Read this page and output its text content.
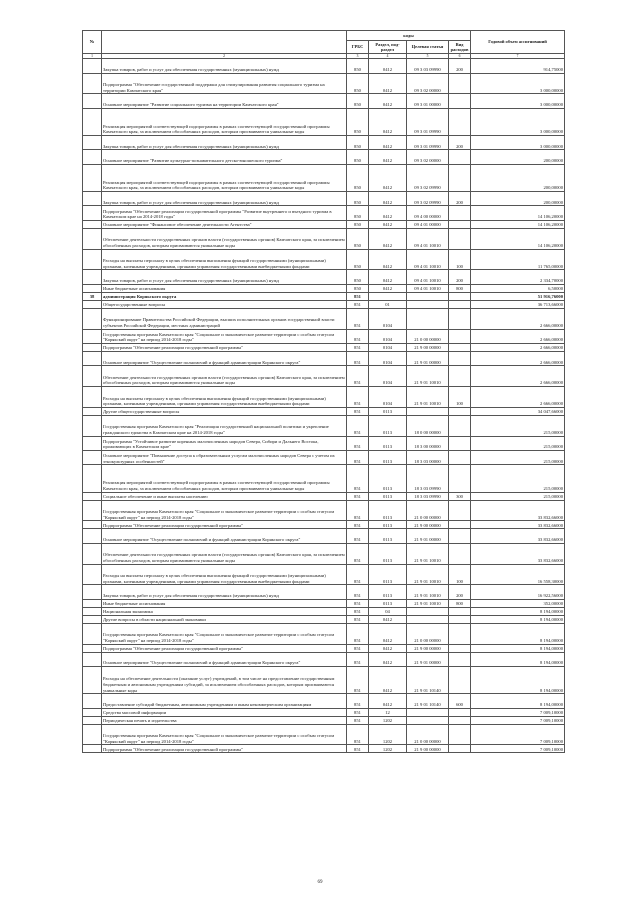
№		коды				Годовой объем ассигнований
		ГРБС	Раздел, под-раздел	Целевая статья	Вид расходов	
1	2	3	4	5	6	7
	Закупка товаров, работ и услуг для обеспечения государственных (муниципальных) нужд	850	0412	09 3 03 09990	200	914,75000
	Подпрограмма "Обеспечение государственной поддержки для стимулирования развития социального туризма на территории Камчатского края"	850	0412	09 3 02 00000		3 000,00000
	Основное мероприятие "Развитие социального туризма на территории Камчатского края"	850	0412	09 3 01 00000		3 000,00000
	Реализация мероприятий соответствующей подпрограммы в рамках соответствующей государственной программы Камчатского края, за исключением обособленных расходов, которым присваиваются уникальные коды	850	0412	09 3 01 09990		3 000,00000
	Закупка товаров, работ и услуг для обеспечения государственных (муниципальных) нужд	850	0412	09 3 01 09990	200	3 000,00000
	Основное мероприятие "Развитие культурно-познавательного детско-юношеского туризма"	850	0412	09 3 02 00000		200,00000
	Реализация мероприятий соответствующей подпрограммы в рамках соответствующей государственной программы Камчатского края, за исключением обособленных расходов, которым присваиваются уникальные коды	850	0412	09 3 02 09990		200,00000
	Закупка товаров, работ и услуг для обеспечения государственных (муниципальных) нужд	850	0412	09 3 02 09990	200	200,00000
	Подпрограмма "Обеспечение реализации государственной программы "Развитие внутреннего и въездного туризма в Камчатском крае на 2014-2018 годы"	850	0412	09 4 00 00000		14 106,20000
	Основное мероприятие "Финансовое обеспечение деятельности Агентства"	850	0412	09 4 01 00000		14 106,20000
	Обеспечение деятельности государственных органов власти (государственных органов) Камчатского края, за исключением обособленных расходов, которым присваиваются уникальные коды	850	0412	09 4 01 10010		14 106,20000
	Расходы на выплаты персоналу в целях обеспечения выполнения функций государственными (муниципальными) органами, казенными учреждениями, органами управления государственными внебюджетными фондами	850	0412	09 4 01 10010	100	11 765,00000
	Закупка товаров, работ и услуг для обеспечения государственных (муниципальных) нужд	850	0412	09 4 01 10010	200	2 334,70000
	Иные бюджетные ассигнования	850	0412	09 4 01 10010	800	6,50000
38	администрация Корякского округа	851				51 916,76000
	Общегосударственные вопросы	851	01			36 713,66000
	Функционирование Правительства Российской Федерации, высших исполнительных органов государственной власти субъектов Российской Федерации, местных администраций	851	0104			2 666,00000
	Государственная программа Камчатского края "Социальное и экономическое развитие территории с особым статусом "Корякский округ" на период 2014-2018 годы"	851	0104	21 0 00 00000		2 666,00000
	Подпрограмма "Обеспечение реализации государственной программы"	851	0104	21 9 00 00000		2 666,00000
	Основное мероприятие "Осуществление полномочий и функций администрации Корякского округа"	851	0104	21 9 01 00000		2 666,00000
	Обеспечение деятельности государственных органов власти (государственных органов) Камчатского края, за исключением обособленных расходов, которым присваиваются уникальные коды	851	0104	21 9 01 10010		2 666,00000
	Расходы на выплаты персоналу в целях обеспечения выполнения функций государственными (муниципальными) органами, казенными учреждениями, органами управления государственными внебюджетными фондами	851	0104	21 9 01 10010	100	2 666,00000
	Другие общегосударственные вопросы	851	0113			34 047,66000
	Государственная программа Камчатского края "Реализация государственной национальной политики и укрепление гражданского единства в Камчатском крае на 2014-2018 годы"	851	0113	18 0 00 00000		215,00000
	Подпрограмма "Устойчивое развитие коренных малочисленных народов Севера, Сибири и Дальнего Востока, проживающих в Камчатском крае"	851	0113	18 3 00 00000		215,00000
	Основное мероприятие "Повышение доступа к образовательным услугам малочисленных народов Севера с учетом их этнокультурных особенностей"	851	0113	18 3 03 00000		215,00000
	Реализация мероприятий соответствующей подпрограммы в рамках соответствующей государственной программы Камчатского края, за исключением обособленных расходов, которым присваиваются уникальные коды	851	0113	18 3 03 09990		215,00000
	Социальное обеспечение и иные выплаты населению	851	0113	18 3 03 09990	300	215,00000
	Государственная программа Камчатского края "Социальное и экономическое развитие территории с особым статусом "Корякский округ" на период 2014-2018 годы"	851	0113	21 0 00 00000		33 832,66000
	Подпрограмма "Обеспечение реализации государственной программы"	851	0113	21 9 00 00000		33 832,66000
	Основное мероприятие "Осуществление полномочий и функций администрации Корякского округа"	851	0113	21 9 01 00000		33 832,66000
	Обеспечение деятельности государственных органов власти (государственных органов) Камчатского края, за исключением обособленных расходов, которым присваиваются уникальные коды	851	0113	21 9 01 10010		33 832,66000
	Расходы на выплаты персоналу в целях обеспечения выполнения функций государственными (муниципальными) органами, казенными учреждениями, органами управления государственными внебюджетными фондами	851	0113	21 9 01 10010	100	16 558,30000
	Закупка товаров, работ и услуг для обеспечения государственных (муниципальных) нужд	851	0113	21 9 01 10010	200	16 922,56000
	Иные бюджетные ассигнования	851	0113	21 9 01 10010	800	352,00000
	Национальная экономика	851	04			8 194,00000
	Другие вопросы в области национальной экономики	851	0412			8 194,00000
	Государственная программа Камчатского края "Социальное и экономическое развитие территории с особым статусом "Корякский округ" на период 2014-2018 годы"	851	0412	21 0 00 00000		8 194,00000
	Подпрограмма "Обеспечение реализации государственной программы"	851	0412	21 9 00 00000		8 194,00000
	Основное мероприятие "Осуществление полномочий и функций администрации Корякского округа"	851	0412	21 9 01 00000		8 194,00000
	Расходы на обеспечение деятельности (оказание услуг) учреждений, в том числе на предоставление государственным бюджетным и автономным учреждениям субсидий, за исключением обособленных расходов, которым присваиваются уникальные коды	851	0412	21 9 01 10140		8 194,00000
	Предоставление субсидий бюджетным, автономным учреждениям и иным некоммерческим организациям	851	0412	21 9 01 10140	600	8 194,00000
	Средства массовой информации	851	12			7 009,10000
	Периодическая печать и издательства	851	1202			7 009,10000
	Государственная программа Камчатского края "Социальное и экономическое развитие территории с особым статусом "Корякский округ" на период 2014-2018 годы"	851	1202	21 0 00 00000		7 009,10000
	Подпрограмма "Обеспечение реализации государственной программы"	851	1202	21 9 00 00000		7 009,10000
69
